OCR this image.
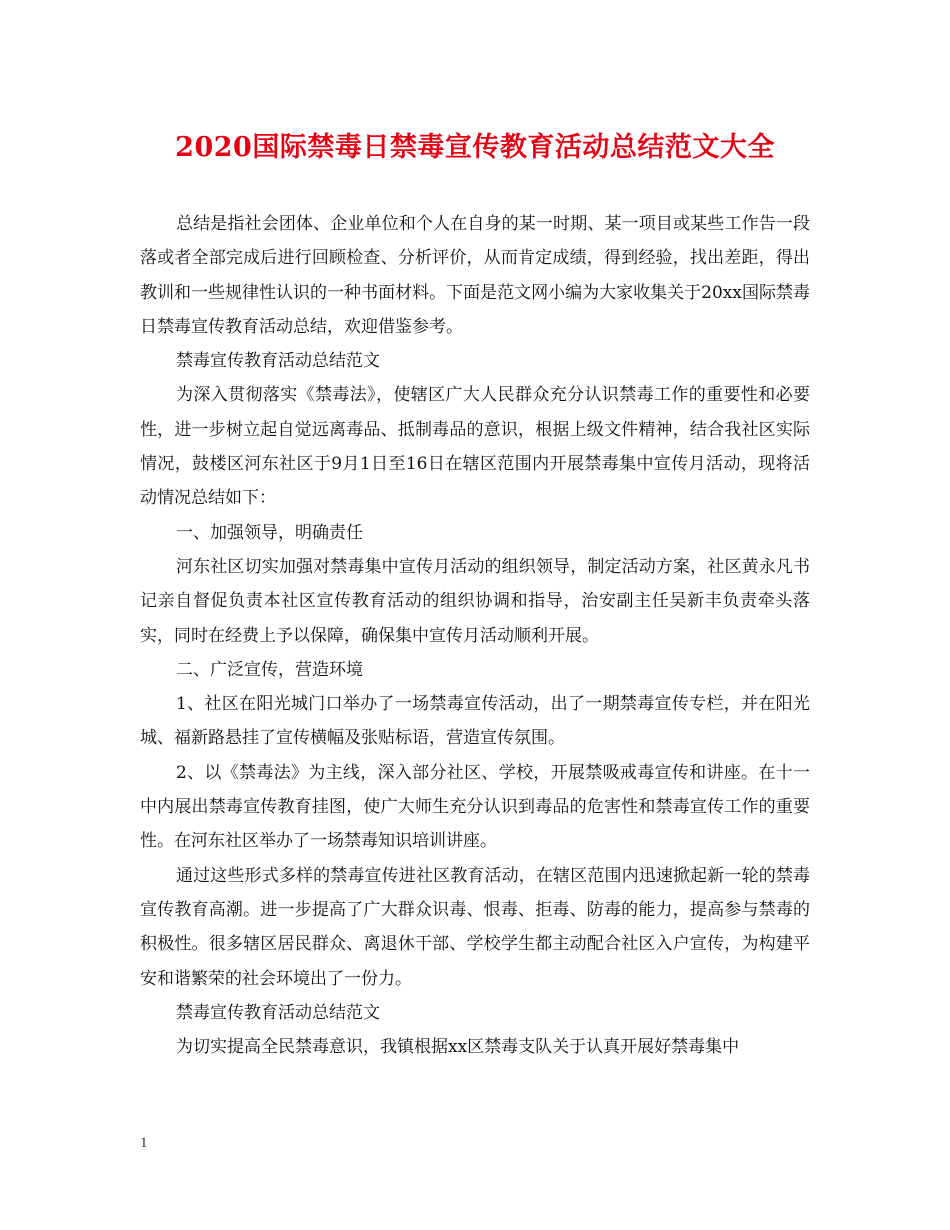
2020国际禁毒日禁毒宣传教育活动总结范文大全

总结是指社会团体、企业单位和个人在自身的某一时期、某一项目或某些工作告一段落或者全部完成后进行回顾检查、分析评价，从而肯定成绩，得到经验，找出差距，得出教训和一些规律性认识的一种书面材料。下面是范文网小编为大家收集关于20xx国际禁毒日禁毒宣传教育活动总结，欢迎借鉴参考。

禁毒宣传教育活动总结范文

为深入贯彻落实《禁毒法》，使辖区广大人民群众充分认识禁毒工作的重要性和必要性，进一步树立起自觉远离毒品、抵制毒品的意识，根据上级文件精神，结合我社区实际情况，鼓楼区河东社区于9月1日至16日在辖区范围内开展禁毒集中宣传月活动，现将活动情况总结如下：

一、加强领导，明确责任

河东社区切实加强对禁毒集中宣传月活动的组织领导，制定活动方案，社区黄永凡书记亲自督促负责本社区宣传教育活动的组织协调和指导，治安副主任吴新丰负责牵头落实，同时在经费上予以保障，确保集中宣传月活动顺利开展。

二、广泛宣传，营造环境

1、社区在阳光城门口举办了一场禁毒宣传活动，出了一期禁毒宣传专栏，并在阳光城、福新路悬挂了宣传横幅及张贴标语，营造宣传氛围。

2、以《禁毒法》为主线，深入部分社区、学校，开展禁吸戒毒宣传和讲座。在十一中内展出禁毒宣传教育挂图，使广大师生充分认识到毒品的危害性和禁毒宣传工作的重要性。在河东社区举办了一场禁毒知识培训讲座。

通过这些形式多样的禁毒宣传进社区教育活动，在辖区范围内迅速掀起新一轮的禁毒宣传教育高潮。进一步提高了广大群众识毒、恨毒、拒毒、防毒的能力，提高参与禁毒的积极性。很多辖区居民群众、离退休干部、学校学生都主动配合社区入户宣传，为构建平安和谐繁荣的社会环境出了一份力。

禁毒宣传教育活动总结范文

为切实提高全民禁毒意识，我镇根据xx区禁毒支队关于认真开展好禁毒集中

1
